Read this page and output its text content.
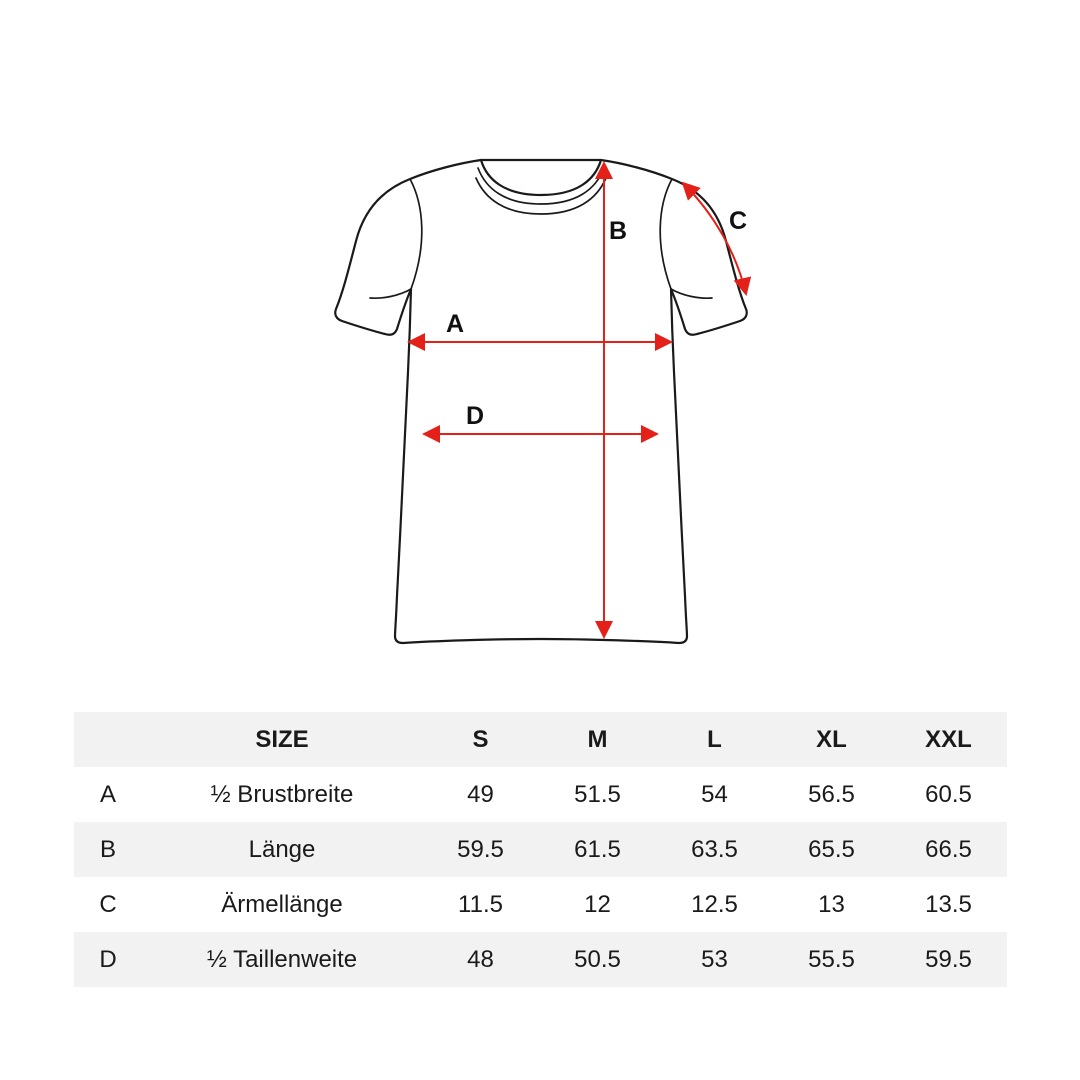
A
B	C
D
	SIZE	S	M	L	XL	XXL
A	½ Brustbreite	49	51.5	54	56.5	60.5
B	Länge	59.5	61.5	63.5	65.5	66.5
C	Ärmellänge	11.5	12	12.5	13	13.5
D	½ Taillenweite	48	50.5	53	55.5	59.5
